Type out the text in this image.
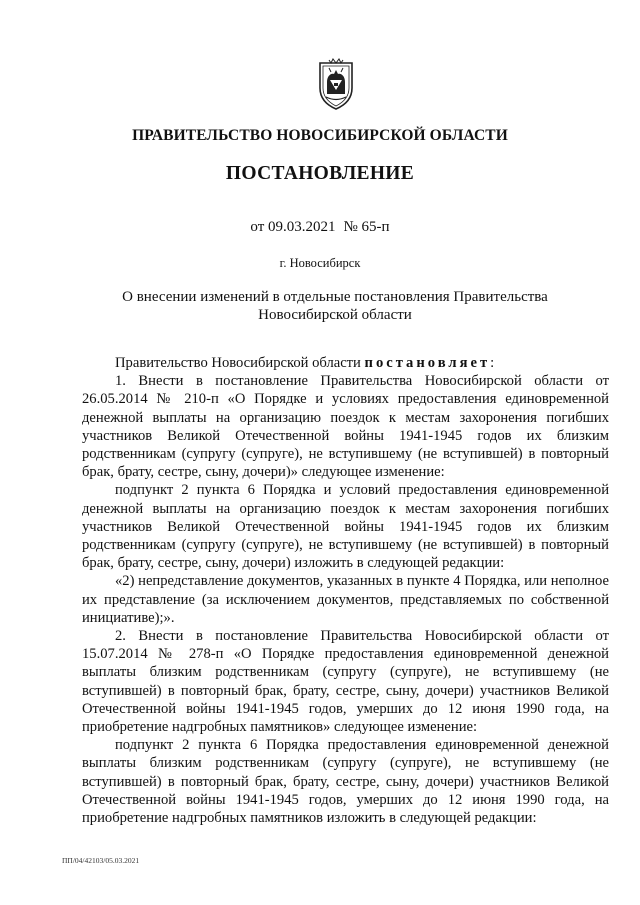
ПРАВИТЕЛЬСТВО НОВОСИБИРСКОЙ ОБЛАСТИ
ПОСТАНОВЛЕНИЕ
от 09.03.2021 № 65-п
г. Новосибирск
О внесении изменений в отдельные постановления Правительства Новосибирской области

Правительство Новосибирской области постановляет:

1. Внести в постановление Правительства Новосибирской области от 26.05.2014 № 210-п «О Порядке и условиях предоставления единовременной денежной выплаты на организацию поездок к местам захоронения погибших участников Великой Отечественной войны 1941-1945 годов их близким родственникам (супругу (супруге), не вступившему (не вступившей) в повторный брак, брату, сестре, сыну, дочери)» следующее изменение:

подпункт 2 пункта 6 Порядка и условий предоставления единовременной денежной выплаты на организацию поездок к местам захоронения погибших участников Великой Отечественной войны 1941-1945 годов их близким родственникам (супругу (супруге), не вступившему (не вступившей) в повторный брак, брату, сестре, сыну, дочери) изложить в следующей редакции:

«2) непредставление документов, указанных в пункте 4 Порядка, или неполное их представление (за исключением документов, представляемых по собственной инициативе);».

2. Внести в постановление Правительства Новосибирской области от 15.07.2014 № 278-п «О Порядке предоставления единовременной денежной выплаты близким родственникам (супругу (супруге), не вступившему (не вступившей) в повторный брак, брату, сестре, сыну, дочери) участников Великой Отечественной войны 1941-1945 годов, умерших до 12 июня 1990 года, на приобретение надгробных памятников» следующее изменение:

подпункт 2 пункта 6 Порядка предоставления единовременной денежной выплаты близким родственникам (супругу (супруге), не вступившему (не вступившей) в повторный брак, брату, сестре, сыну, дочери) участников Великой Отечественной войны 1941-1945 годов, умерших до 12 июня 1990 года, на приобретение надгробных памятников изложить в следующей редакции:

ПП/04/42103/05.03.2021
